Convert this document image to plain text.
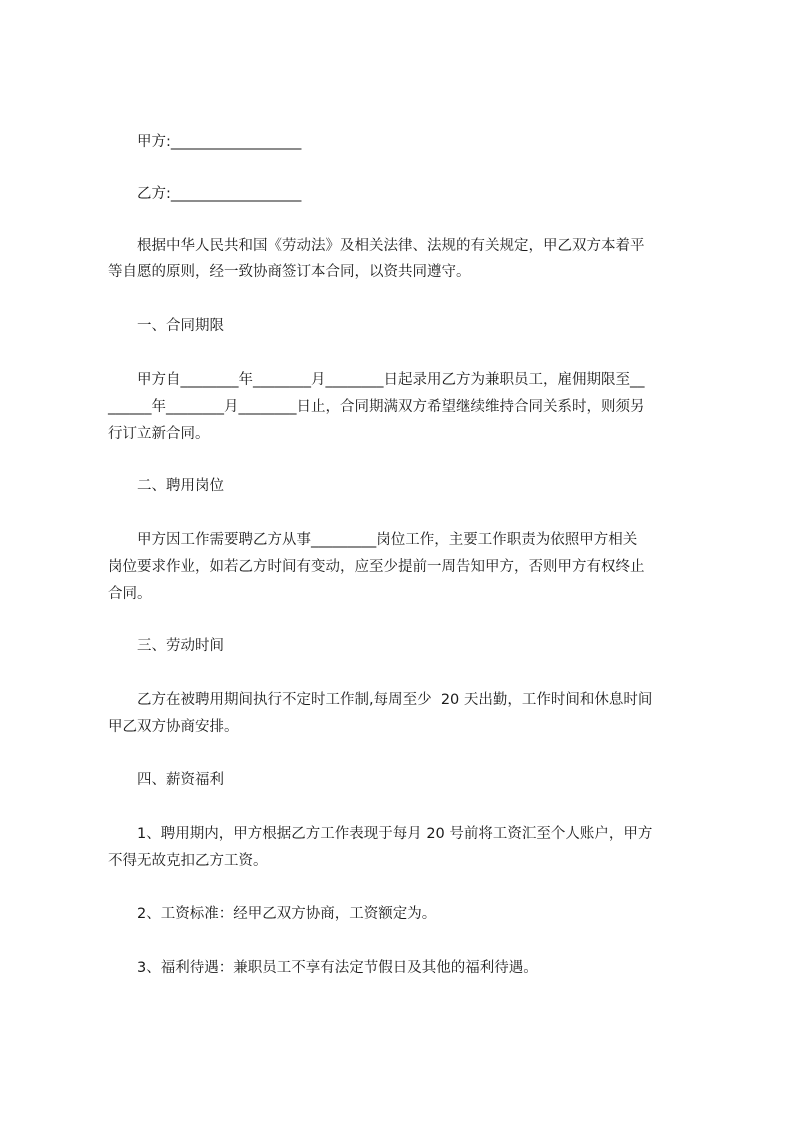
甲方:__________________
乙方:__________________
根据中华人民共和国《劳动法》及相关法律、法规的有关规定，甲乙双方本着平
等自愿的原则，经一致协商签订本合同，以资共同遵守。
一、合同期限
甲方自________年________月________日起录用乙方为兼职员工，雇佣期限至__
______年________月________日止，合同期满双方希望继续维持合同关系时，则须另
行订立新合同。
二、聘用岗位
甲方因工作需要聘乙方从事_________岗位工作，主要工作职责为依照甲方相关
岗位要求作业，如若乙方时间有变动，应至少提前一周告知甲方，否则甲方有权终止
合同。
三、劳动时间
乙方在被聘用期间执行不定时工作制,每周至少  20 天出勤，工作时间和休息时间
甲乙双方协商安排。
四、薪资福利
1、聘用期内，甲方根据乙方工作表现于每月 20 号前将工资汇至个人账户，甲方
不得无故克扣乙方工资。
2、工资标准：经甲乙双方协商，工资额定为。
3、福利待遇：兼职员工不享有法定节假日及其他的福利待遇。
